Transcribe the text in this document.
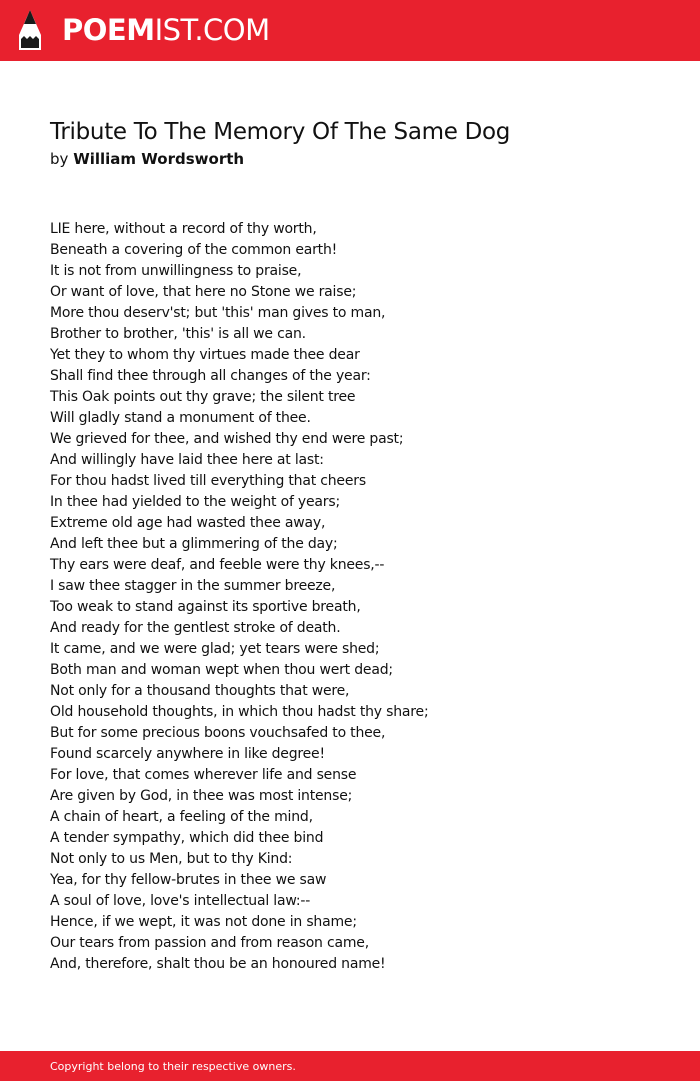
POEMIST.COM
Tribute To The Memory Of The Same Dog
by William Wordsworth
LIE here, without a record of thy worth,
Beneath a covering of the common earth!
It is not from unwillingness to praise,
Or want of love, that here no Stone we raise;
More thou deserv'st; but 'this' man gives to man,
Brother to brother, 'this' is all we can.
Yet they to whom thy virtues made thee dear
Shall find thee through all changes of the year:
This Oak points out thy grave; the silent tree
Will gladly stand a monument of thee.
We grieved for thee, and wished thy end were past;
And willingly have laid thee here at last:
For thou hadst lived till everything that cheers
In thee had yielded to the weight of years;
Extreme old age had wasted thee away,
And left thee but a glimmering of the day;
Thy ears were deaf, and feeble were thy knees,--
I saw thee stagger in the summer breeze,
Too weak to stand against its sportive breath,
And ready for the gentlest stroke of death.
It came, and we were glad; yet tears were shed;
Both man and woman wept when thou wert dead;
Not only for a thousand thoughts that were,
Old household thoughts, in which thou hadst thy share;
But for some precious boons vouchsafed to thee,
Found scarcely anywhere in like degree!
For love, that comes wherever life and sense
Are given by God, in thee was most intense;
A chain of heart, a feeling of the mind,
A tender sympathy, which did thee bind
Not only to us Men, but to thy Kind:
Yea, for thy fellow-brutes in thee we saw
A soul of love, love's intellectual law:--
Hence, if we wept, it was not done in shame;
Our tears from passion and from reason came,
And, therefore, shalt thou be an honoured name!
Copyright belong to their respective owners.
